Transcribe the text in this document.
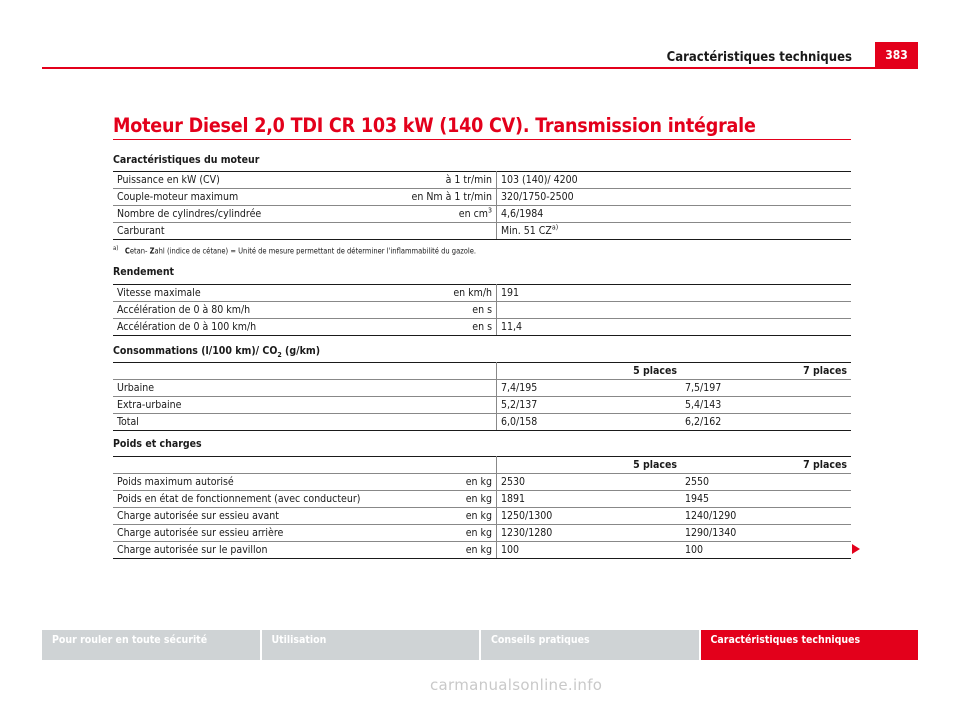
Caractéristiques techniques	383
Moteur Diesel 2,0 TDI CR 103 kW (140 CV). Transmission intégrale
Caractéristiques du moteur
Puissance en kW (CV)	à 1 tr/min	103 (140)/ 4200	
Couple-moteur maximum	en Nm à 1 tr/min	320/1750-2500	
Nombre de cylindres/cylindrée	en $cm^3$	4,6/1984	
Carburant		Min. 51 CZ$^{a)}$	
$^{a)}$ Cetan- Zahl (indice de cétane) = Unité de mesure permettant de déterminer l'inflammabilité du gazole.
Rendement
Vitesse maximale	en km/h	191	
Accélération de 0 à 80 km/h	en s		
Accélération de 0 à 100 km/h	en s	11,4	
Consommations (l/100 km)/ $CO_2$ (g/km)
		5 places	7 places
Urbaine		7,4/195	7,5/197
Extra-urbaine		5,2/137	5,4/143
Total		6,0/158	6,2/162
Poids et charges
		5 places	7 places
Poids maximum autorisé	en kg	2530	2550
Poids en état de fonctionnement (avec conducteur)	en kg	1891	1945
Charge autorisée sur essieu avant	en kg	1250/1300	1240/1290
Charge autorisée sur essieu arrière	en kg	1230/1280	1290/1340
Charge autorisée sur le pavillon	en kg	100	100
Pour rouler en toute sécurité	Utilisation	Conseils pratiques	Caractéristiques techniques
carmanualsonline.info
